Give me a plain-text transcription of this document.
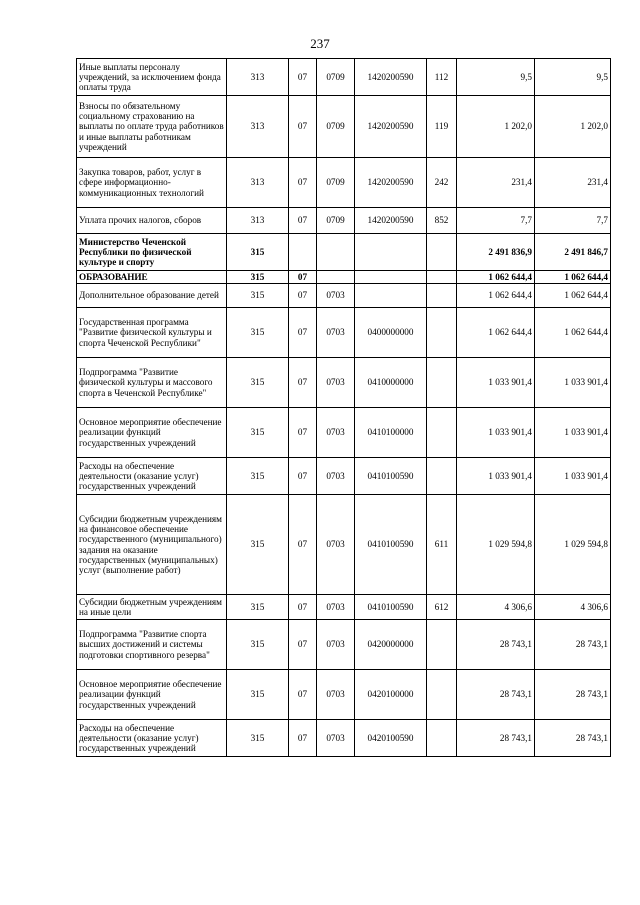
237
Иные выплаты персоналу учреждений, за исключением фонда оплаты труда	313	07	0709	1420200590	112	9,5	9,5
Взносы по обязательному социальному страхованию на выплаты по оплате труда работников и иные выплаты работникам учреждений	313	07	0709	1420200590	119	1 202,0	1 202,0
Закупка товаров, работ, услуг в сфере информационно-коммуникационных технологий	313	07	0709	1420200590	242	231,4	231,4
Уплата прочих налогов, сборов	313	07	0709	1420200590	852	7,7	7,7
Министерство Чеченской Республики по физической культуре и спорту	315					2 491 836,9	2 491 846,7
ОБРАЗОВАНИЕ	315	07				1 062 644,4	1 062 644,4
Дополнительное образование детей	315	07	0703			1 062 644,4	1 062 644,4
Государственная программа "Развитие физической культуры и спорта Чеченской Республики"	315	07	0703	0400000000		1 062 644,4	1 062 644,4
Подпрограмма "Развитие физической культуры и массового спорта в Чеченской Республике"	315	07	0703	0410000000		1 033 901,4	1 033 901,4
Основное мероприятие обеспечение реализации функций государственных учреждений	315	07	0703	0410100000		1 033 901,4	1 033 901,4
Расходы на обеспечение деятельности (оказание услуг) государственных учреждений	315	07	0703	0410100590		1 033 901,4	1 033 901,4
Субсидии бюджетным учреждениям на финансовое обеспечение государственного (муниципального) задания на оказание государственных (муниципальных) услуг (выполнение работ)	315	07	0703	0410100590	611	1 029 594,8	1 029 594,8
Субсидии бюджетным учреждениям на иные цели	315	07	0703	0410100590	612	4 306,6	4 306,6
Подпрограмма "Развитие спорта высших достижений и системы подготовки спортивного резерва"	315	07	0703	0420000000		28 743,1	28 743,1
Основное мероприятие обеспечение реализации функций государственных учреждений	315	07	0703	0420100000		28 743,1	28 743,1
Расходы на обеспечение деятельности (оказание услуг) государственных учреждений	315	07	0703	0420100590		28 743,1	28 743,1
